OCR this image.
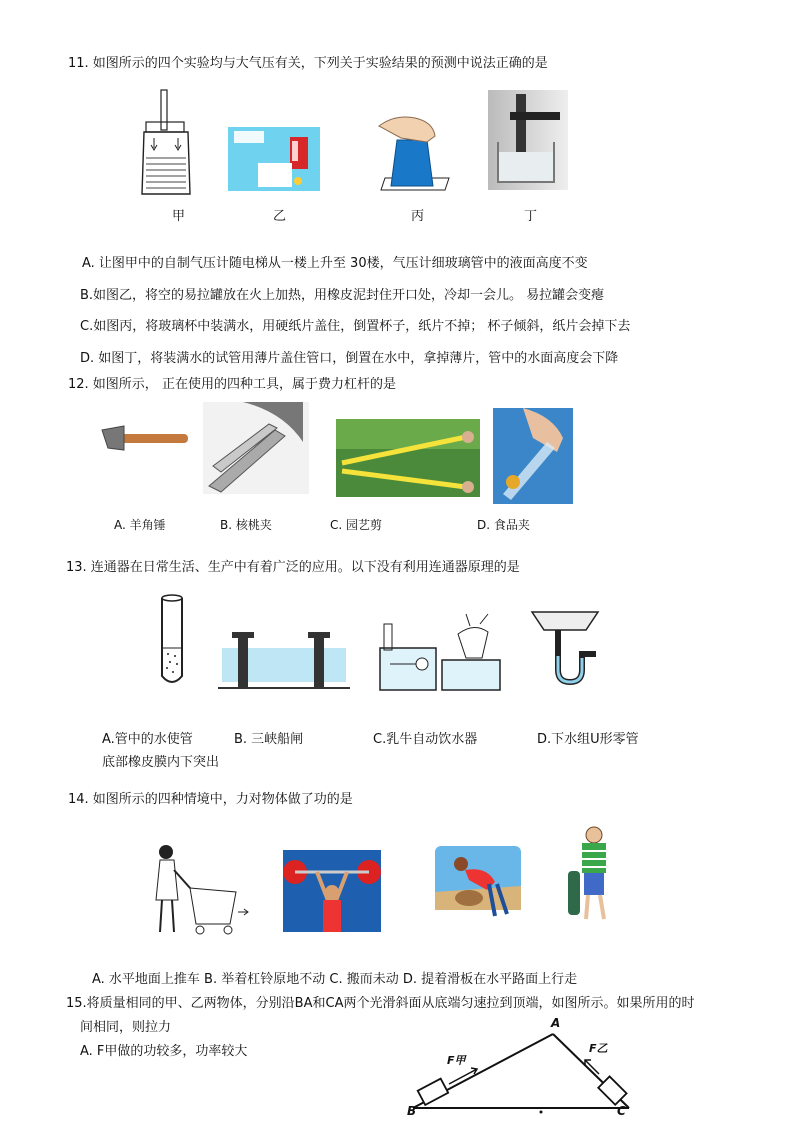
11. 如图所示的四个实验均与大气压有关，下列关于实验结果的预测中说法正确的是
甲	乙	丙	丁
A. 让图甲中的自制气压计随电梯从一楼上升至 30楼，气压计细玻璃管中的液面高度不变
B.如图乙，将空的易拉罐放在火上加热，用橡皮泥封住开口处，冷却一会儿。 易拉罐会变瘪
C.如图丙，将玻璃杯中装满水，用硬纸片盖住，倒置杯子，纸片不掉； 杯子倾斜，纸片会掉下去
D. 如图丁，将装满水的试管用薄片盖住管口，倒置在水中，拿掉薄片，管中的水面高度会下降
12. 如图所示， 正在使用的四种工具，属于费力杠杆的是
A. 羊角锤	B. 核桃夹	C. 园艺剪	D. 食品夹
13. 连通器在日常生活、生产中有着广泛的应用。以下没有利用连通器原理的是
A.管中的水使管	B. 三峡船闸	C.乳牛自动饮水器	D.下水组U形零管
底部橡皮膜内下突出
14. 如图所示的四种情境中，力对物体做了功的是
A. 水平地面上推车 B. 举着杠铃原地不动 C. 搬而未动 D. 提着滑板在水平路面上行走
15.将质量相同的甲、乙两物体，分别沿BA和CA两个光滑斜面从底端匀速拉到顶端，如图所示。如果所用的时
间相同，则拉力
A. F甲做的功较多，功率较大
A
B	C
F甲
F乙
